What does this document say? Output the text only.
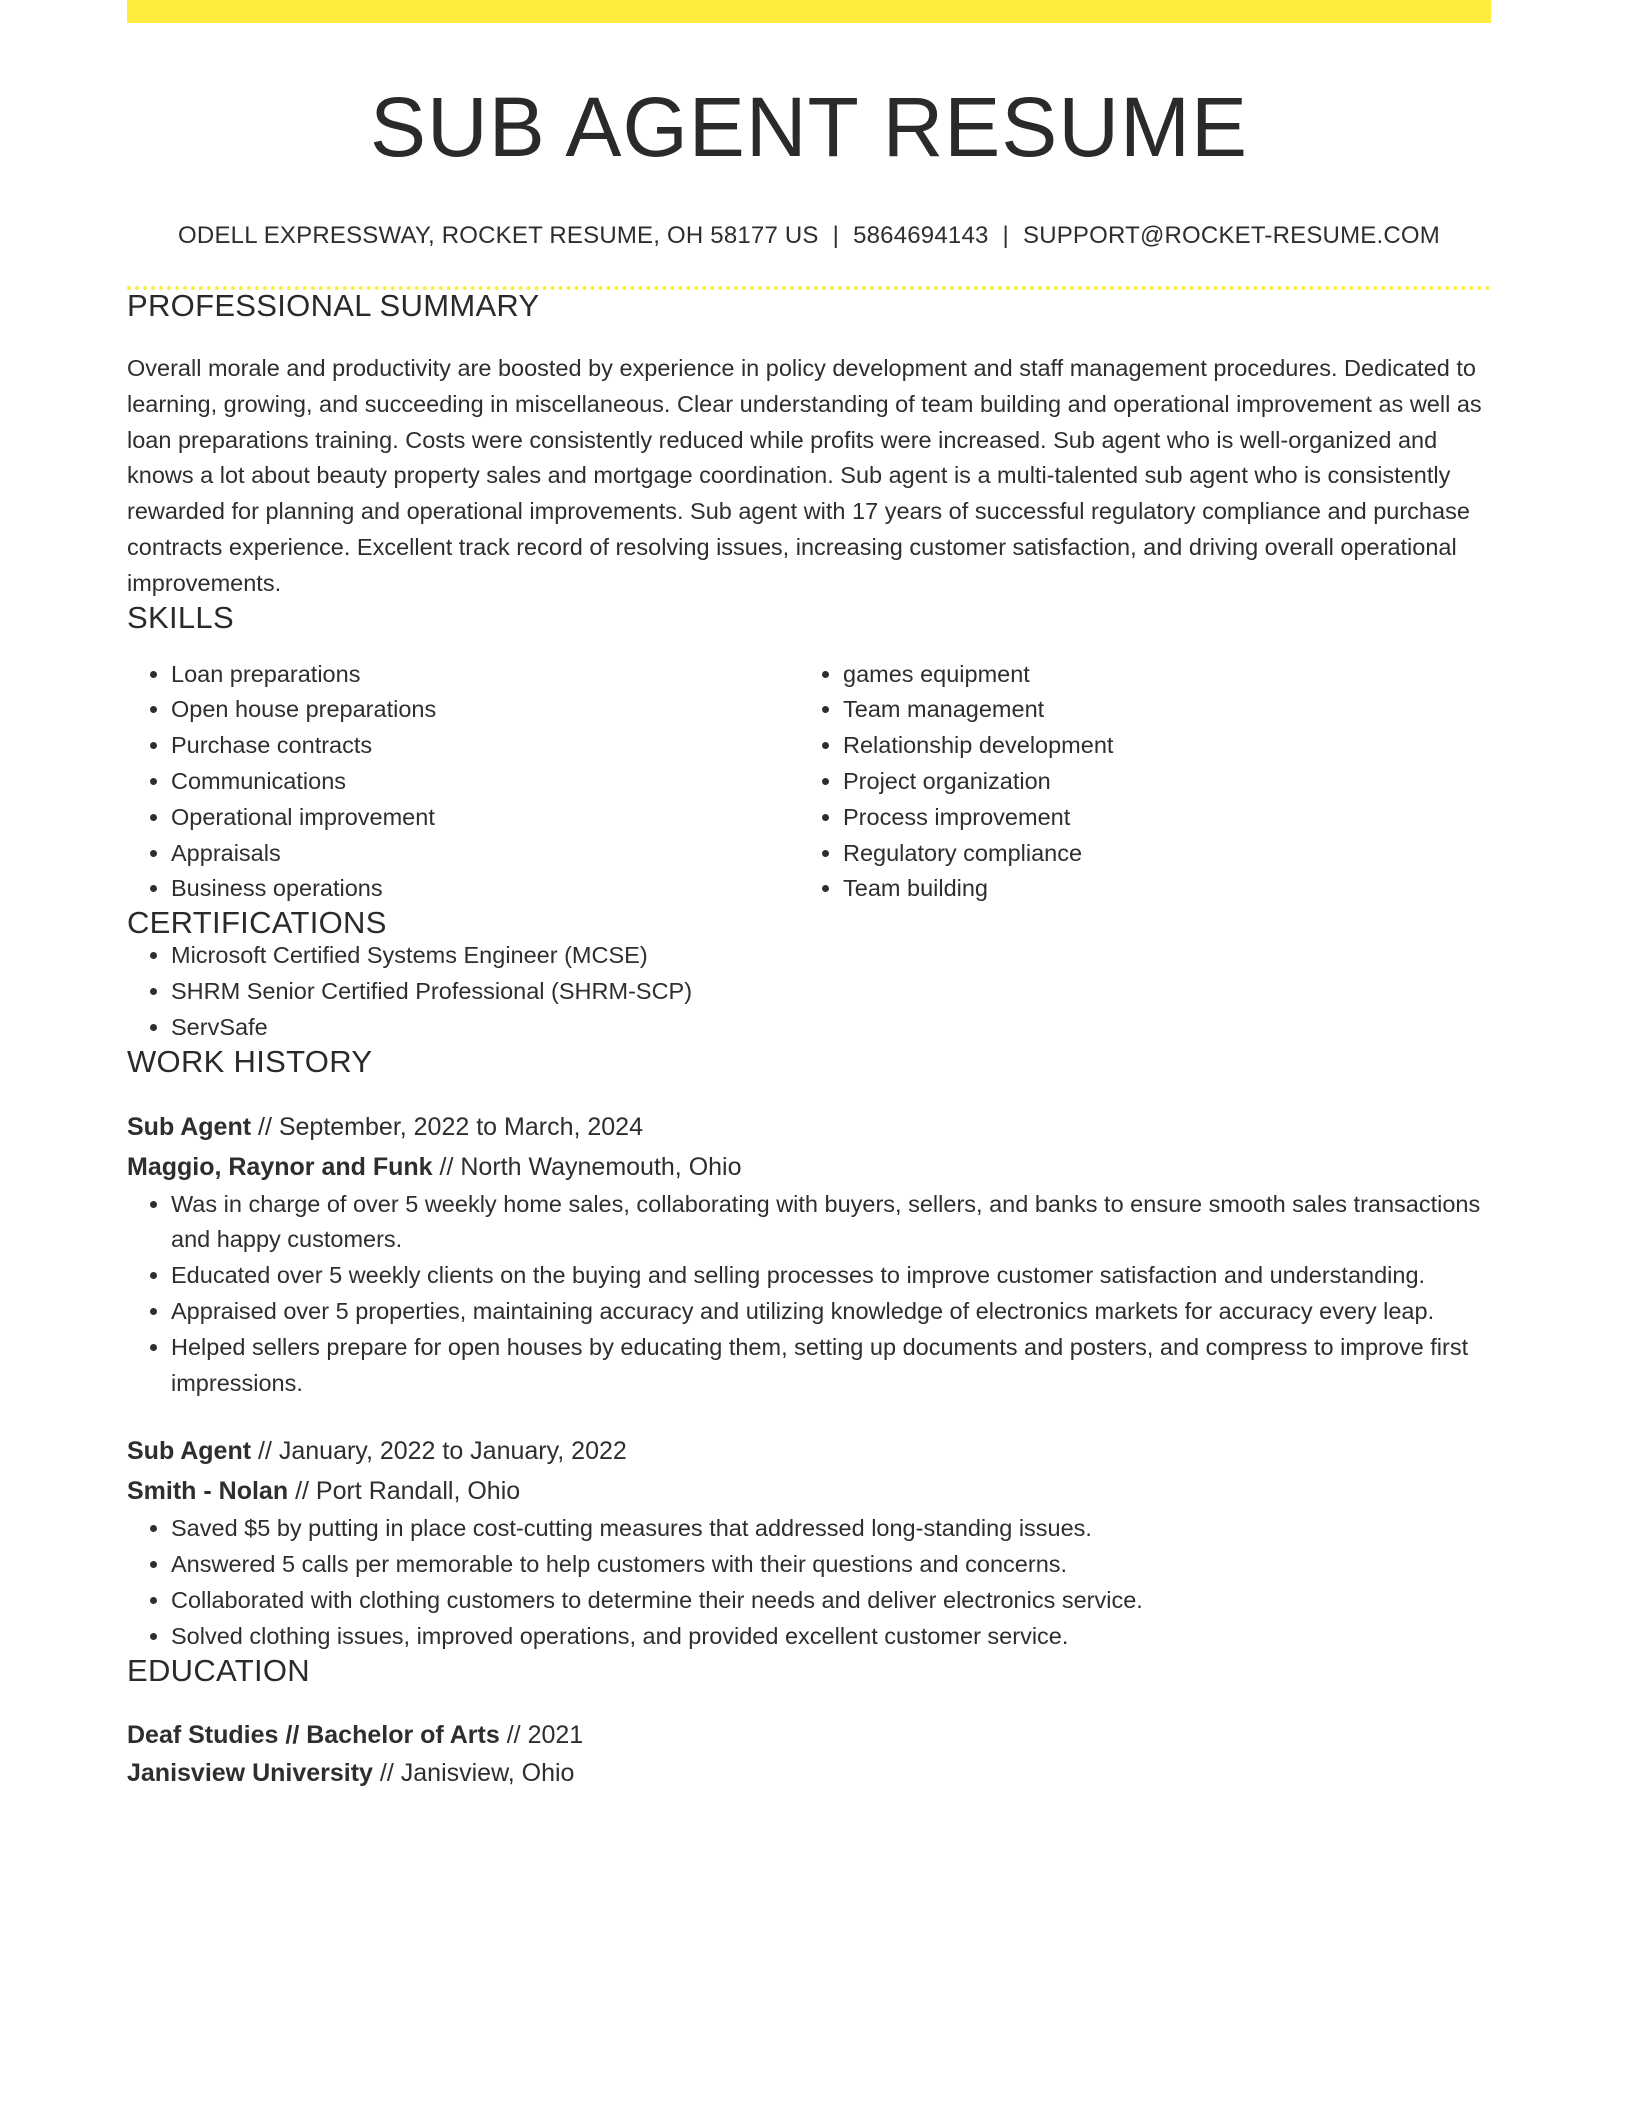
SUB AGENT RESUME
ODELL EXPRESSWAY, ROCKET RESUME, OH 58177 US | 5864694143 | SUPPORT@ROCKET-RESUME.COM
PROFESSIONAL SUMMARY
Overall morale and productivity are boosted by experience in policy development and staff management procedures. Dedicated to learning, growing, and succeeding in miscellaneous. Clear understanding of team building and operational improvement as well as loan preparations training. Costs were consistently reduced while profits were increased. Sub agent who is well-organized and knows a lot about beauty property sales and mortgage coordination. Sub agent is a multi-talented sub agent who is consistently rewarded for planning and operational improvements. Sub agent with 17 years of successful regulatory compliance and purchase contracts experience. Excellent track record of resolving issues, increasing customer satisfaction, and driving overall operational improvements.
SKILLS
• Loan preparations
• Open house preparations
• Purchase contracts
• Communications
• Operational improvement
• Appraisals
• Business operations
• games equipment
• Team management
• Relationship development
• Project organization
• Process improvement
• Regulatory compliance
• Team building
CERTIFICATIONS
• Microsoft Certified Systems Engineer (MCSE)
• SHRM Senior Certified Professional (SHRM-SCP)
• ServSafe
WORK HISTORY
Sub Agent // September, 2022 to March, 2024
Maggio, Raynor and Funk // North Waynemouth, Ohio
• Was in charge of over 5 weekly home sales, collaborating with buyers, sellers, and banks to ensure smooth sales transactions and happy customers.
• Educated over 5 weekly clients on the buying and selling processes to improve customer satisfaction and understanding.
• Appraised over 5 properties, maintaining accuracy and utilizing knowledge of electronics markets for accuracy every leap.
• Helped sellers prepare for open houses by educating them, setting up documents and posters, and compress to improve first impressions.
Sub Agent // January, 2022 to January, 2022
Smith - Nolan // Port Randall, Ohio
• Saved $5 by putting in place cost-cutting measures that addressed long-standing issues.
• Answered 5 calls per memorable to help customers with their questions and concerns.
• Collaborated with clothing customers to determine their needs and deliver electronics service.
• Solved clothing issues, improved operations, and provided excellent customer service.
EDUCATION
Deaf Studies // Bachelor of Arts // 2021
Janisview University // Janisview, Ohio
